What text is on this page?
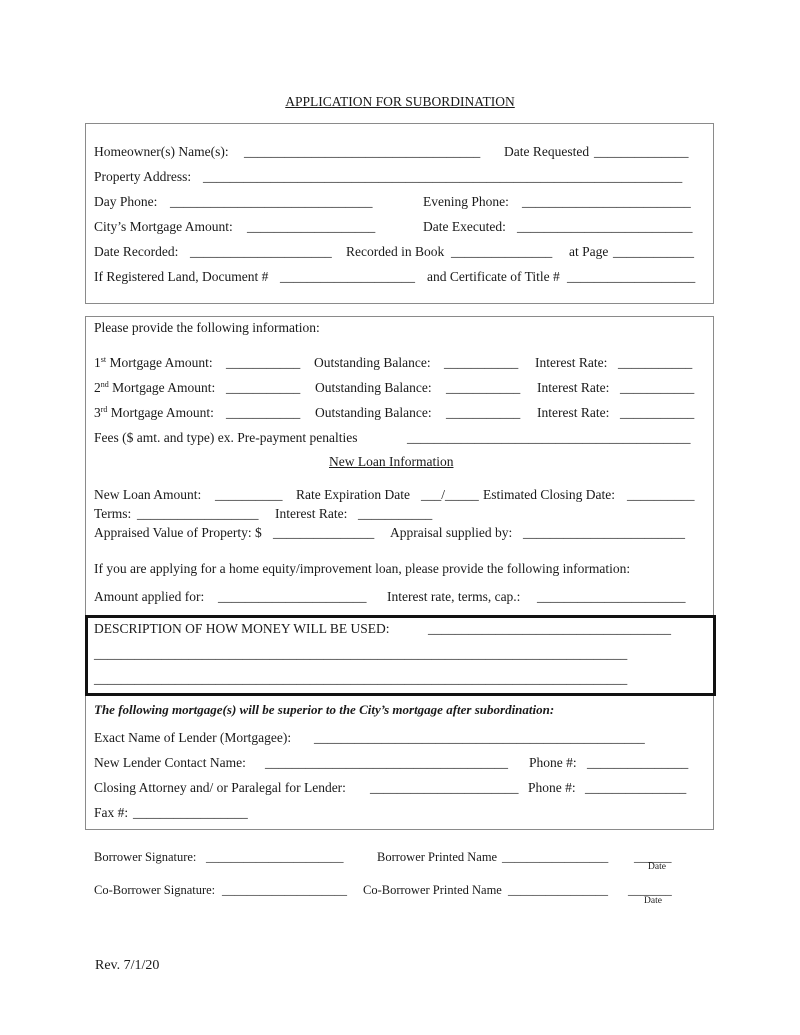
APPLICATION FOR SUBORDINATION
Homeowner(s) Name(s): ___________________________________ Date Requested ______________
Property Address: _______________________________________________________________________
Day Phone: ______________________________	Evening Phone: _________________________
City’s Mortgage Amount: ___________________	Date Executed: __________________________
Date Recorded: _____________________ Recorded in Book _______________ at Page ____________
If Registered Land, Document # ____________________ and Certificate of Title # ___________________
Please provide the following information:
1st Mortgage Amount: ___________ Outstanding Balance: ___________ Interest Rate: ___________
2nd Mortgage Amount: ___________ Outstanding Balance: ___________ Interest Rate: ___________
3rd Mortgage Amount: ___________ Outstanding Balance: ___________ Interest Rate: ___________
Fees ($ amt. and type) ex. Pre-payment penalties	__________________________________________
New Loan Information
New Loan Amount: __________ Rate Expiration Date ___/_____ Estimated Closing Date: __________
Terms: __________________ Interest Rate: ___________
Appraised Value of Property: $ _______________ Appraisal supplied by: ________________________
If you are applying for a home equity/improvement loan, please provide the following information:
Amount applied for: ______________________ Interest rate, terms, cap.: ______________________
DESCRIPTION OF HOW MONEY WILL BE USED:	____________________________________
_______________________________________________________________________________
_______________________________________________________________________________
The following mortgage(s) will be superior to the City’s mortgage after subordination:
Exact Name of Lender (Mortgagee): _________________________________________________
New Lender Contact Name: ____________________________________ Phone #: _______________
Closing Attorney and/ or Paralegal for Lender: ______________________ Phone #: _______________
Fax #: _________________
Borrower Signature: ______________________	Borrower Printed Name _________________ ______
Date
Co-Borrower Signature: ____________________ Co-Borrower Printed Name ________________ _______
Date
Rev. 7/1/20
